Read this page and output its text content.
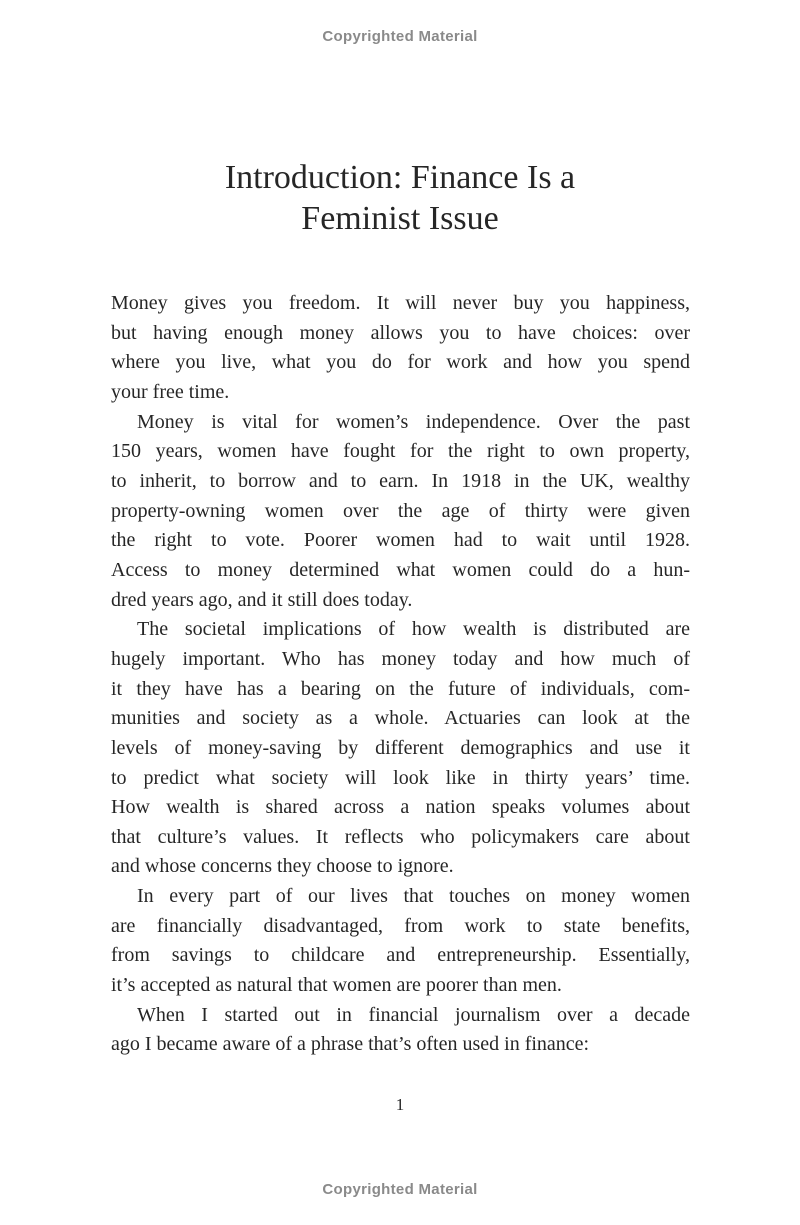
Copyrighted Material
Introduction: Finance Is a
Feminist Issue
Money gives you freedom. It will never buy you happiness,
but having enough money allows you to have choices: over
where you live, what you do for work and how you spend
your free time.
Money is vital for women’s independence. Over the past
150 years, women have fought for the right to own property,
to inherit, to borrow and to earn. In 1918 in the UK, wealthy
property-owning women over the age of thirty were given
the right to vote. Poorer women had to wait until 1928.
Access to money determined what women could do a hun-
dred years ago, and it still does today.
The societal implications of how wealth is distributed are
hugely important. Who has money today and how much of
it they have has a bearing on the future of individuals, com-
munities and society as a whole. Actuaries can look at the
levels of money-saving by different demographics and use it
to predict what society will look like in thirty years’ time.
How wealth is shared across a nation speaks volumes about
that culture’s values. It reflects who policymakers care about
and whose concerns they choose to ignore.
In every part of our lives that touches on money women
are financially disadvantaged, from work to state benefits,
from savings to childcare and entrepreneurship. Essentially,
it’s accepted as natural that women are poorer than men.
When I started out in financial journalism over a decade
ago I became aware of a phrase that’s often used in finance:
1
Copyrighted Material
